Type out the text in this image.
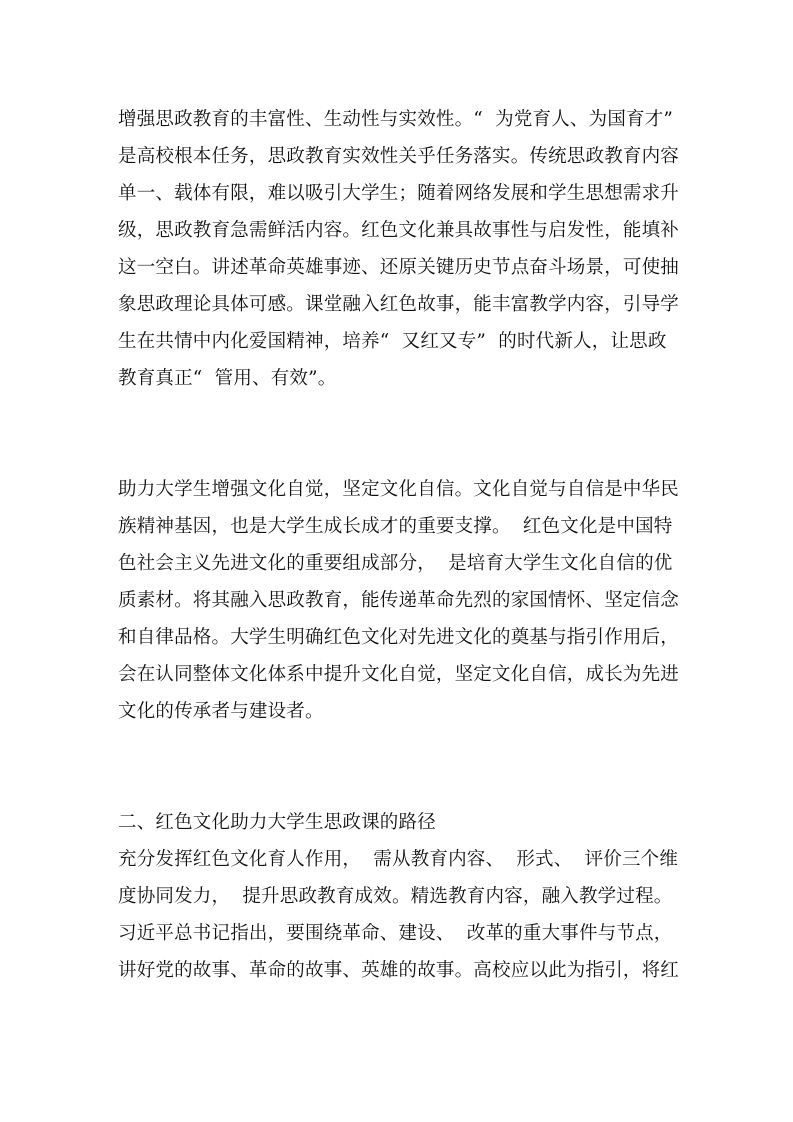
增强思政教育的丰富性、生动性与实效性。“  为党育人、为国育才”
是高校根本任务，思政教育实效性关乎任务落实。传统思政教育内容
单一、载体有限，难以吸引大学生；随着网络发展和学生思想需求升
级，思政教育急需鲜活内容。红色文化兼具故事性与启发性，能填补
这一空白。讲述革命英雄事迹、还原关键历史节点奋斗场景，可使抽
象思政理论具体可感。课堂融入红色故事，能丰富教学内容，引导学
生在共情中内化爱国精神，培养“  又红又专”  的时代新人，让思政
教育真正“  管用、有效”。
助力大学生增强文化自觉，坚定文化自信。文化自觉与自信是中华民
族精神基因，也是大学生成长成才的重要支撑。  红色文化是中国特
色社会主义先进文化的重要组成部分，  是培育大学生文化自信的优
质素材。将其融入思政教育，能传递革命先烈的家国情怀、坚定信念
和自律品格。大学生明确红色文化对先进文化的奠基与指引作用后，
会在认同整体文化体系中提升文化自觉，坚定文化自信，成长为先进
文化的传承者与建设者。
二、红色文化助力大学生思政课的路径
充分发挥红色文化育人作用，  需从教育内容、  形式、  评价三个维
度协同发力，  提升思政教育成效。精选教育内容，融入教学过程。
习近平总书记指出，要围绕革命、建设、  改革的重大事件与节点，
讲好党的故事、革命的故事、英雄的故事。高校应以此为指引，将红
